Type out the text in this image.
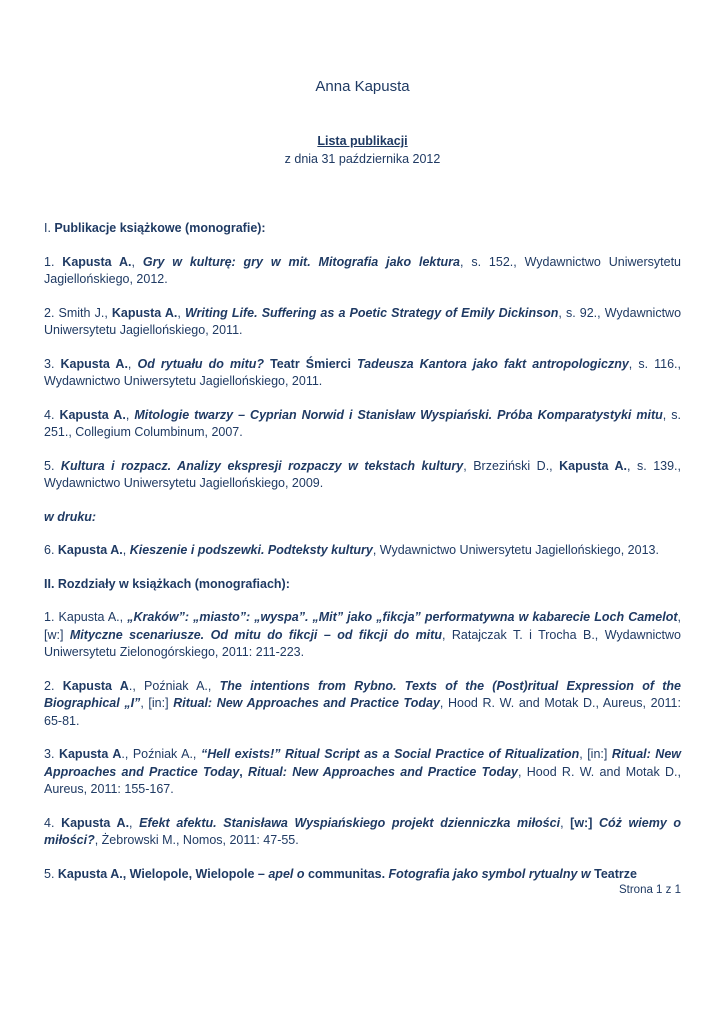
Anna Kapusta
Lista publikacji
z dnia 31 października 2012

I. Publikacje książkowe (monografie):

1. Kapusta A., Gry w kulturę: gry w mit. Mitografia jako lektura, s. 152., Wydawnictwo Uniwersytetu Jagiellońskiego, 2012.

2. Smith J., Kapusta A., Writing Life. Suffering as a Poetic Strategy of Emily Dickinson, s. 92., Wydawnictwo Uniwersytetu Jagiellońskiego, 2011.

3. Kapusta A., Od rytuału do mitu? Teatr Śmierci Tadeusza Kantora jako fakt antropologiczny, s. 116., Wydawnictwo Uniwersytetu Jagiellońskiego, 2011.

4. Kapusta A., Mitologie twarzy – Cyprian Norwid i Stanisław Wyspiański. Próba Komparatystyki mitu, s. 251., Collegium Columbinum, 2007.

5. Kultura i rozpacz. Analizy ekspresji rozpaczy w tekstach kultury, Brzeziński D., Kapusta A., s. 139., Wydawnictwo Uniwersytetu Jagiellońskiego, 2009.

w druku:

6. Kapusta A., Kieszenie i podszewki. Podteksty kultury, Wydawnictwo Uniwersytetu Jagiellońskiego, 2013.

II. Rozdziały w książkach (monografiach):

1. Kapusta A., „Kraków”: „miasto”: „wyspa”. „Mit” jako „fikcja” performatywna w kabarecie Loch Camelot, [w:] Mityczne scenariusze. Od mitu do fikcji – od fikcji do mitu, Ratajczak T. i Trocha B., Wydawnictwo Uniwersytetu Zielonogórskiego, 2011: 211-223.

2. Kapusta A., Poźniak A., The intentions from Rybno. Texts of the (Post)ritual Expression of the Biographical „I”, [in:] Ritual: New Approaches and Practice Today, Hood R. W. and Motak D., Aureus, 2011: 65-81.

3. Kapusta A., Poźniak A., “Hell exists!” Ritual Script as a Social Practice of Ritualization, [in:] Ritual: New Approaches and Practice Today, Ritual: New Approaches and Practice Today, Hood R. W. and Motak D., Aureus, 2011: 155-167.

4. Kapusta A., Efekt afektu. Stanisława Wyspiańskiego projekt dzienniczka miłości, [w:] Cóż wiemy o miłości?, Żebrowski M., Nomos, 2011: 47-55.

5. Kapusta A., Wielopole, Wielopole – apel o communitas. Fotografia jako symbol rytualny w Teatrze

Strona 1 z 1
